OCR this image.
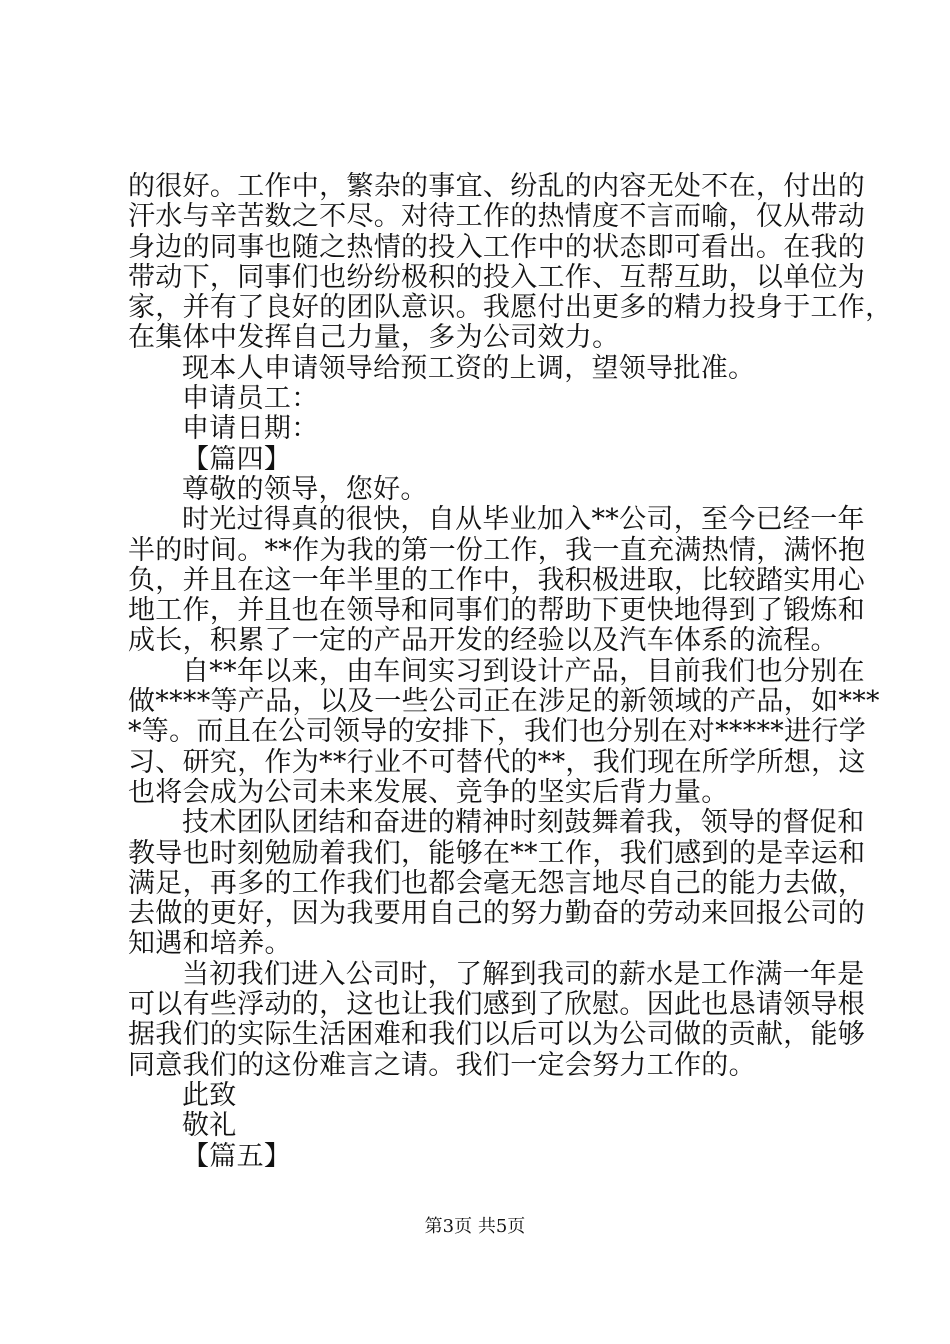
的很好。工作中，繁杂的事宜、纷乱的内容无处不在，付出的
汗水与辛苦数之不尽。对待工作的热情度不言而喻，仅从带动
身边的同事也随之热情的投入工作中的状态即可看出。在我的
带动下，同事们也纷纷极积的投入工作、互帮互助，以单位为
家，并有了良好的团队意识。我愿付出更多的精力投身于工作，
在集体中发挥自己力量，多为公司效力。
现本人申请领导给预工资的上调，望领导批准。
申请员工：
申请日期：
【篇四】
尊敬的领导，您好。
时光过得真的很快，自从毕业加入**公司，至今已经一年
半的时间。**作为我的第一份工作，我一直充满热情，满怀抱
负，并且在这一年半里的工作中，我积极进取，比较踏实用心
地工作，并且也在领导和同事们的帮助下更快地得到了锻炼和
成长，积累了一定的产品开发的经验以及汽车体系的流程。
自**年以来，由车间实习到设计产品，目前我们也分别在
做****等产品，以及一些公司正在涉足的新领域的产品，如***
*等。而且在公司领导的安排下，我们也分别在对*****进行学
习、研究，作为**行业不可替代的**，我们现在所学所想，这
也将会成为公司未来发展、竞争的坚实后背力量。
技术团队团结和奋进的精神时刻鼓舞着我，领导的督促和
教导也时刻勉励着我们，能够在**工作，我们感到的是幸运和
满足，再多的工作我们也都会毫无怨言地尽自己的能力去做，
去做的更好，因为我要用自己的努力勤奋的劳动来回报公司的
知遇和培养。
当初我们进入公司时，了解到我司的薪水是工作满一年是
可以有些浮动的，这也让我们感到了欣慰。因此也恳请领导根
据我们的实际生活困难和我们以后可以为公司做的贡献，能够
同意我们的这份难言之请。我们一定会努力工作的。
此致
敬礼
【篇五】
第3页 共5页
